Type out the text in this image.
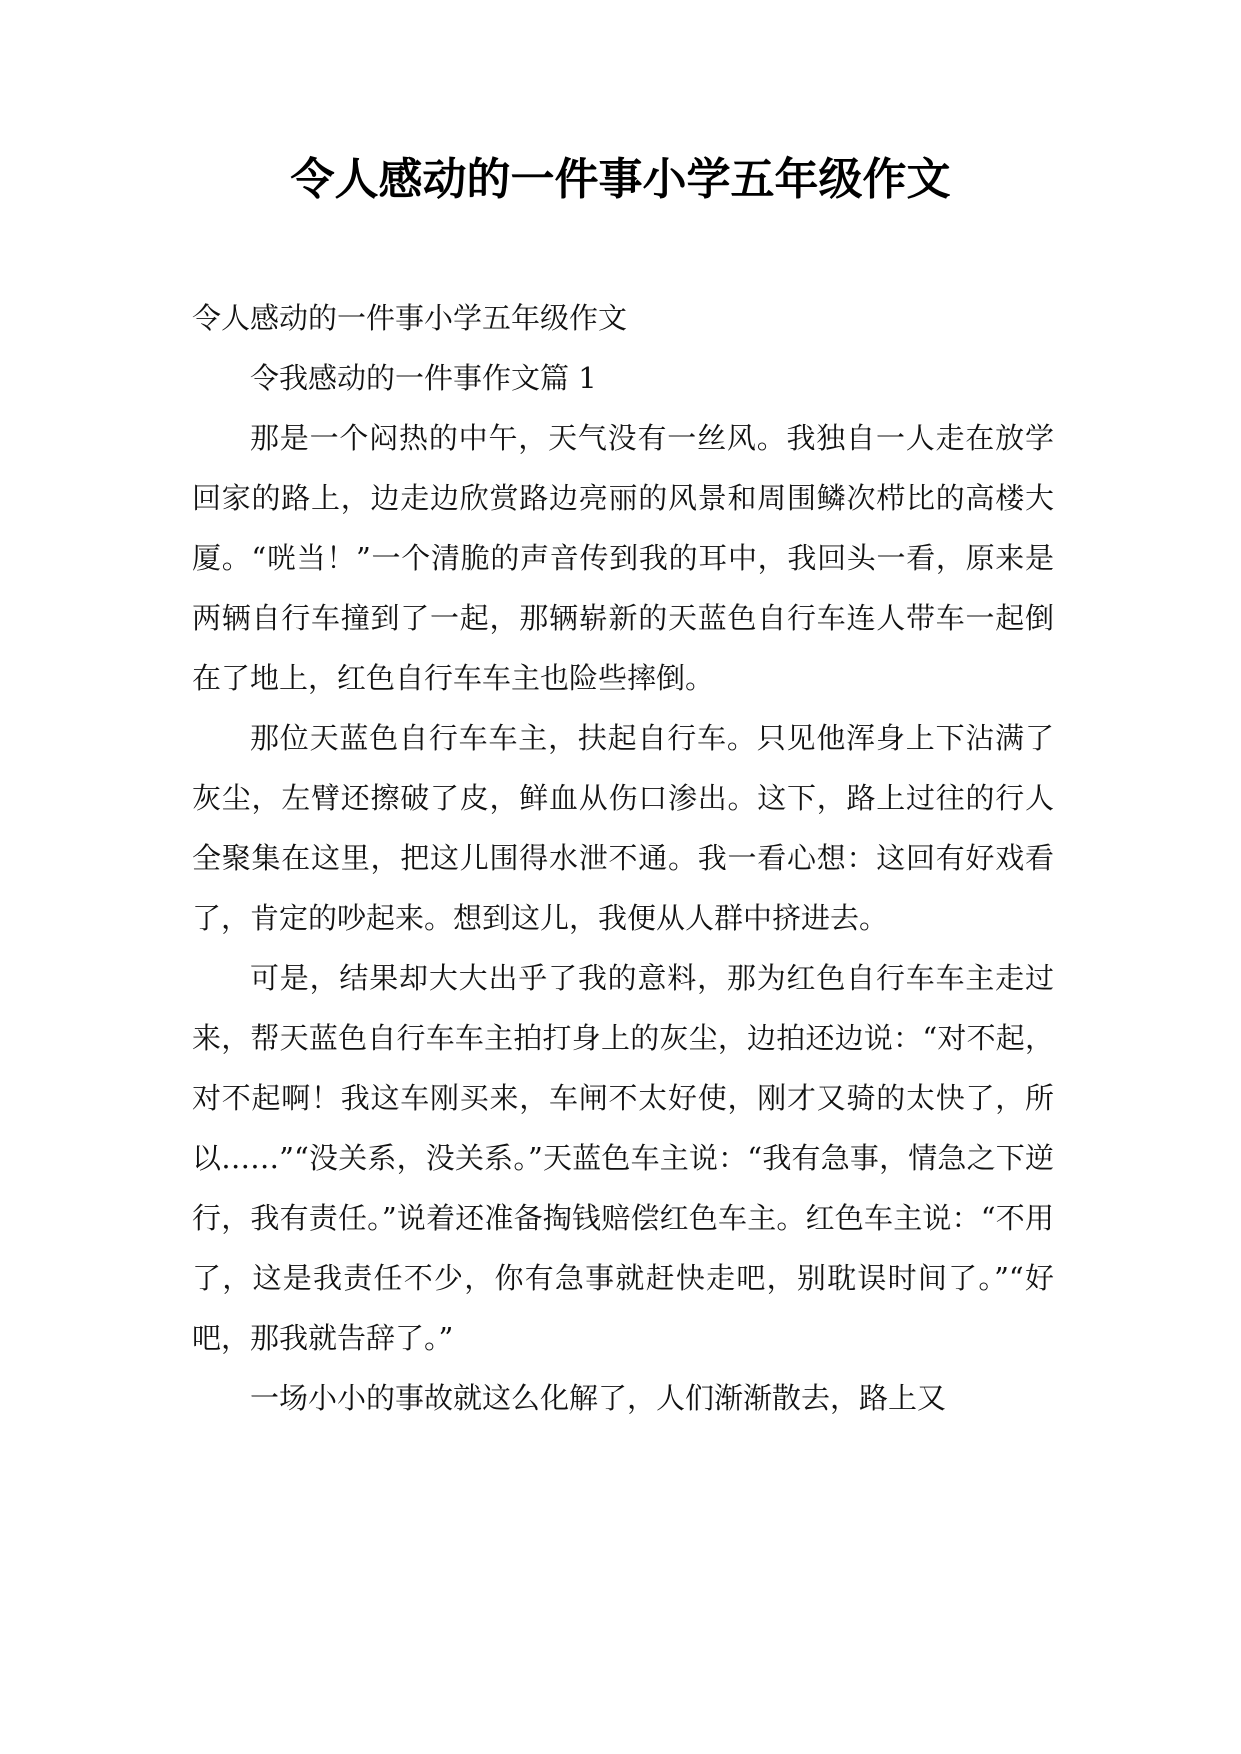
令人感动的一件事小学五年级作文

令人感动的一件事小学五年级作文

令我感动的一件事作文篇 1

那是一个闷热的中午，天气没有一丝风。我独自一人走在放学回家的路上，边走边欣赏路边亮丽的风景和周围鳞次栉比的高楼大厦。“咣当！”一个清脆的声音传到我的耳中，我回头一看，原来是两辆自行车撞到了一起，那辆崭新的天蓝色自行车连人带车一起倒在了地上，红色自行车车主也险些摔倒。

那位天蓝色自行车车主，扶起自行车。只见他浑身上下沾满了灰尘，左臂还擦破了皮，鲜血从伤口渗出。这下，路上过往的行人全聚集在这里，把这儿围得水泄不通。我一看心想：这回有好戏看了，肯定的吵起来。想到这儿，我便从人群中挤进去。

可是，结果却大大出乎了我的意料，那为红色自行车车主走过来，帮天蓝色自行车车主拍打身上的灰尘，边拍还边说：“对不起，对不起啊！我这车刚买来，车闸不太好使，刚才又骑的太快了，所以……”“没关系，没关系。”天蓝色车主说：“我有急事，情急之下逆行，我有责任。”说着还准备掏钱赔偿红色车主。红色车主说：“不用了，这是我责任不少，你有急事就赶快走吧，别耽误时间了。”“好吧，那我就告辞了。”

一场小小的事故就这么化解了，人们渐渐散去，路上又
